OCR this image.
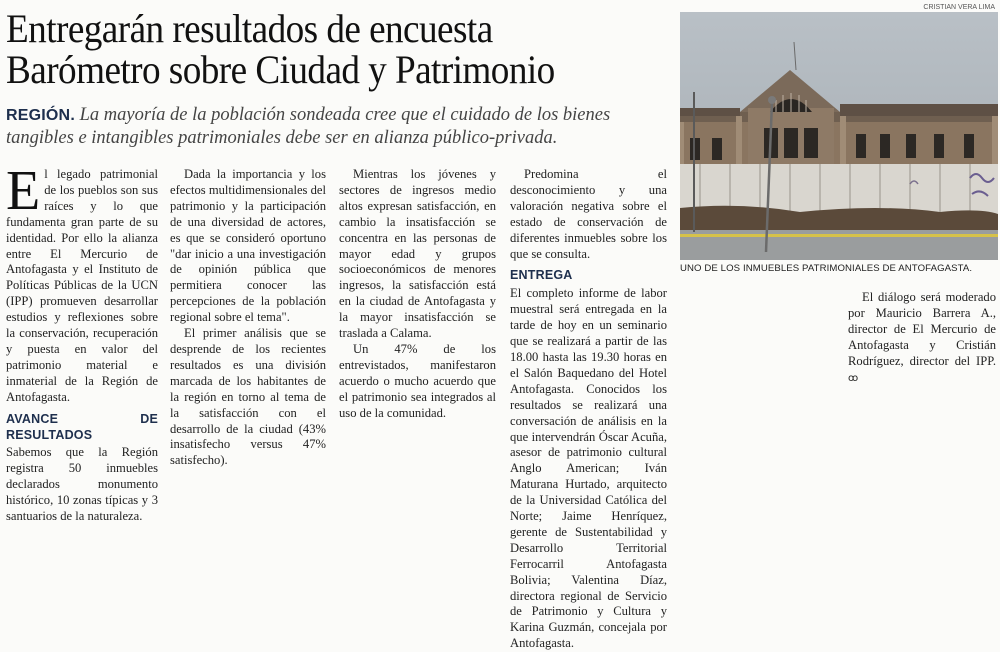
Entregarán resultados de encuesta
Barómetro sobre Ciudad y Patrimonio
REGIÓN. La mayoría de la población sondeada cree que el cuidado de los bienes tangibles e intangibles patrimoniales debe ser en alianza público-privada.

El legado patrimonial de los pueblos son sus raíces y lo que fundamenta gran parte de su identidad. Por ello la alianza entre El Mercurio de Antofagasta y el Instituto de Políticas Públicas de la UCN (IPP) promueven desarrollar estudios y reflexiones sobre la conservación, recuperación y puesta en valor del patrimonio material e inmaterial de la Región de Antofagasta.

AVANCE DE RESULTADOS

Sabemos que la Región registra 50 inmuebles declarados monumento histórico, 10 zonas típicas y 3 santuarios de la naturaleza.

Dada la importancia y los efectos multidimensionales del patrimonio y la participación de una diversidad de actores, es que se consideró oportuno "dar inicio a una investigación de opinión pública que permitiera conocer las percepciones de la población regional sobre el tema".

El primer análisis que se desprende de los recientes resultados es una división marcada de los habitantes de la región en torno al tema de la satisfacción con el desarrollo de la ciudad (43% insatisfecho versus 47% satisfecho).

Mientras los jóvenes y sectores de ingresos medio altos expresan satisfacción, en cambio la insatisfacción se concentra en las personas de mayor edad y grupos socioeconómicos de menores ingresos, la satisfacción está en la ciudad de Antofagasta y la mayor insatisfacción se traslada a Calama.

Un 47% de los entrevistados, manifestaron acuerdo o mucho acuerdo que el patrimonio sea integrados al uso de la comunidad.

Predomina el desconocimiento y una valoración negativa sobre el estado de conservación de diferentes inmuebles sobre los que se consulta.

ENTREGA

El completo informe de labor muestral será entregada en la tarde de hoy en un seminario que se realizará a partir de las 18.00 hasta las 19.30 horas en el Salón Baquedano del Hotel Antofagasta. Conocidos los resultados se realizará una conversación de análisis en la que intervendrán Óscar Acuña, asesor de patrimonio cultural Anglo American; Iván Maturana Hurtado, arquitecto de la Universidad Católica del Norte; Jaime Henríquez, gerente de Sustentabilidad y Desarrollo Territorial Ferrocarril Antofagasta Bolivia; Valentina Díaz, directora regional de Servicio de Patrimonio y Cultura y Karina Guzmán, concejala por Antofagasta.

El diálogo será moderado por Mauricio Barrera A., director de El Mercurio de Antofagasta y Cristián Rodríguez, director del IPP. ꝏ

CRISTIAN VERA LIMA
UNO DE LOS INMUEBLES PATRIMONIALES DE ANTOFAGASTA.
